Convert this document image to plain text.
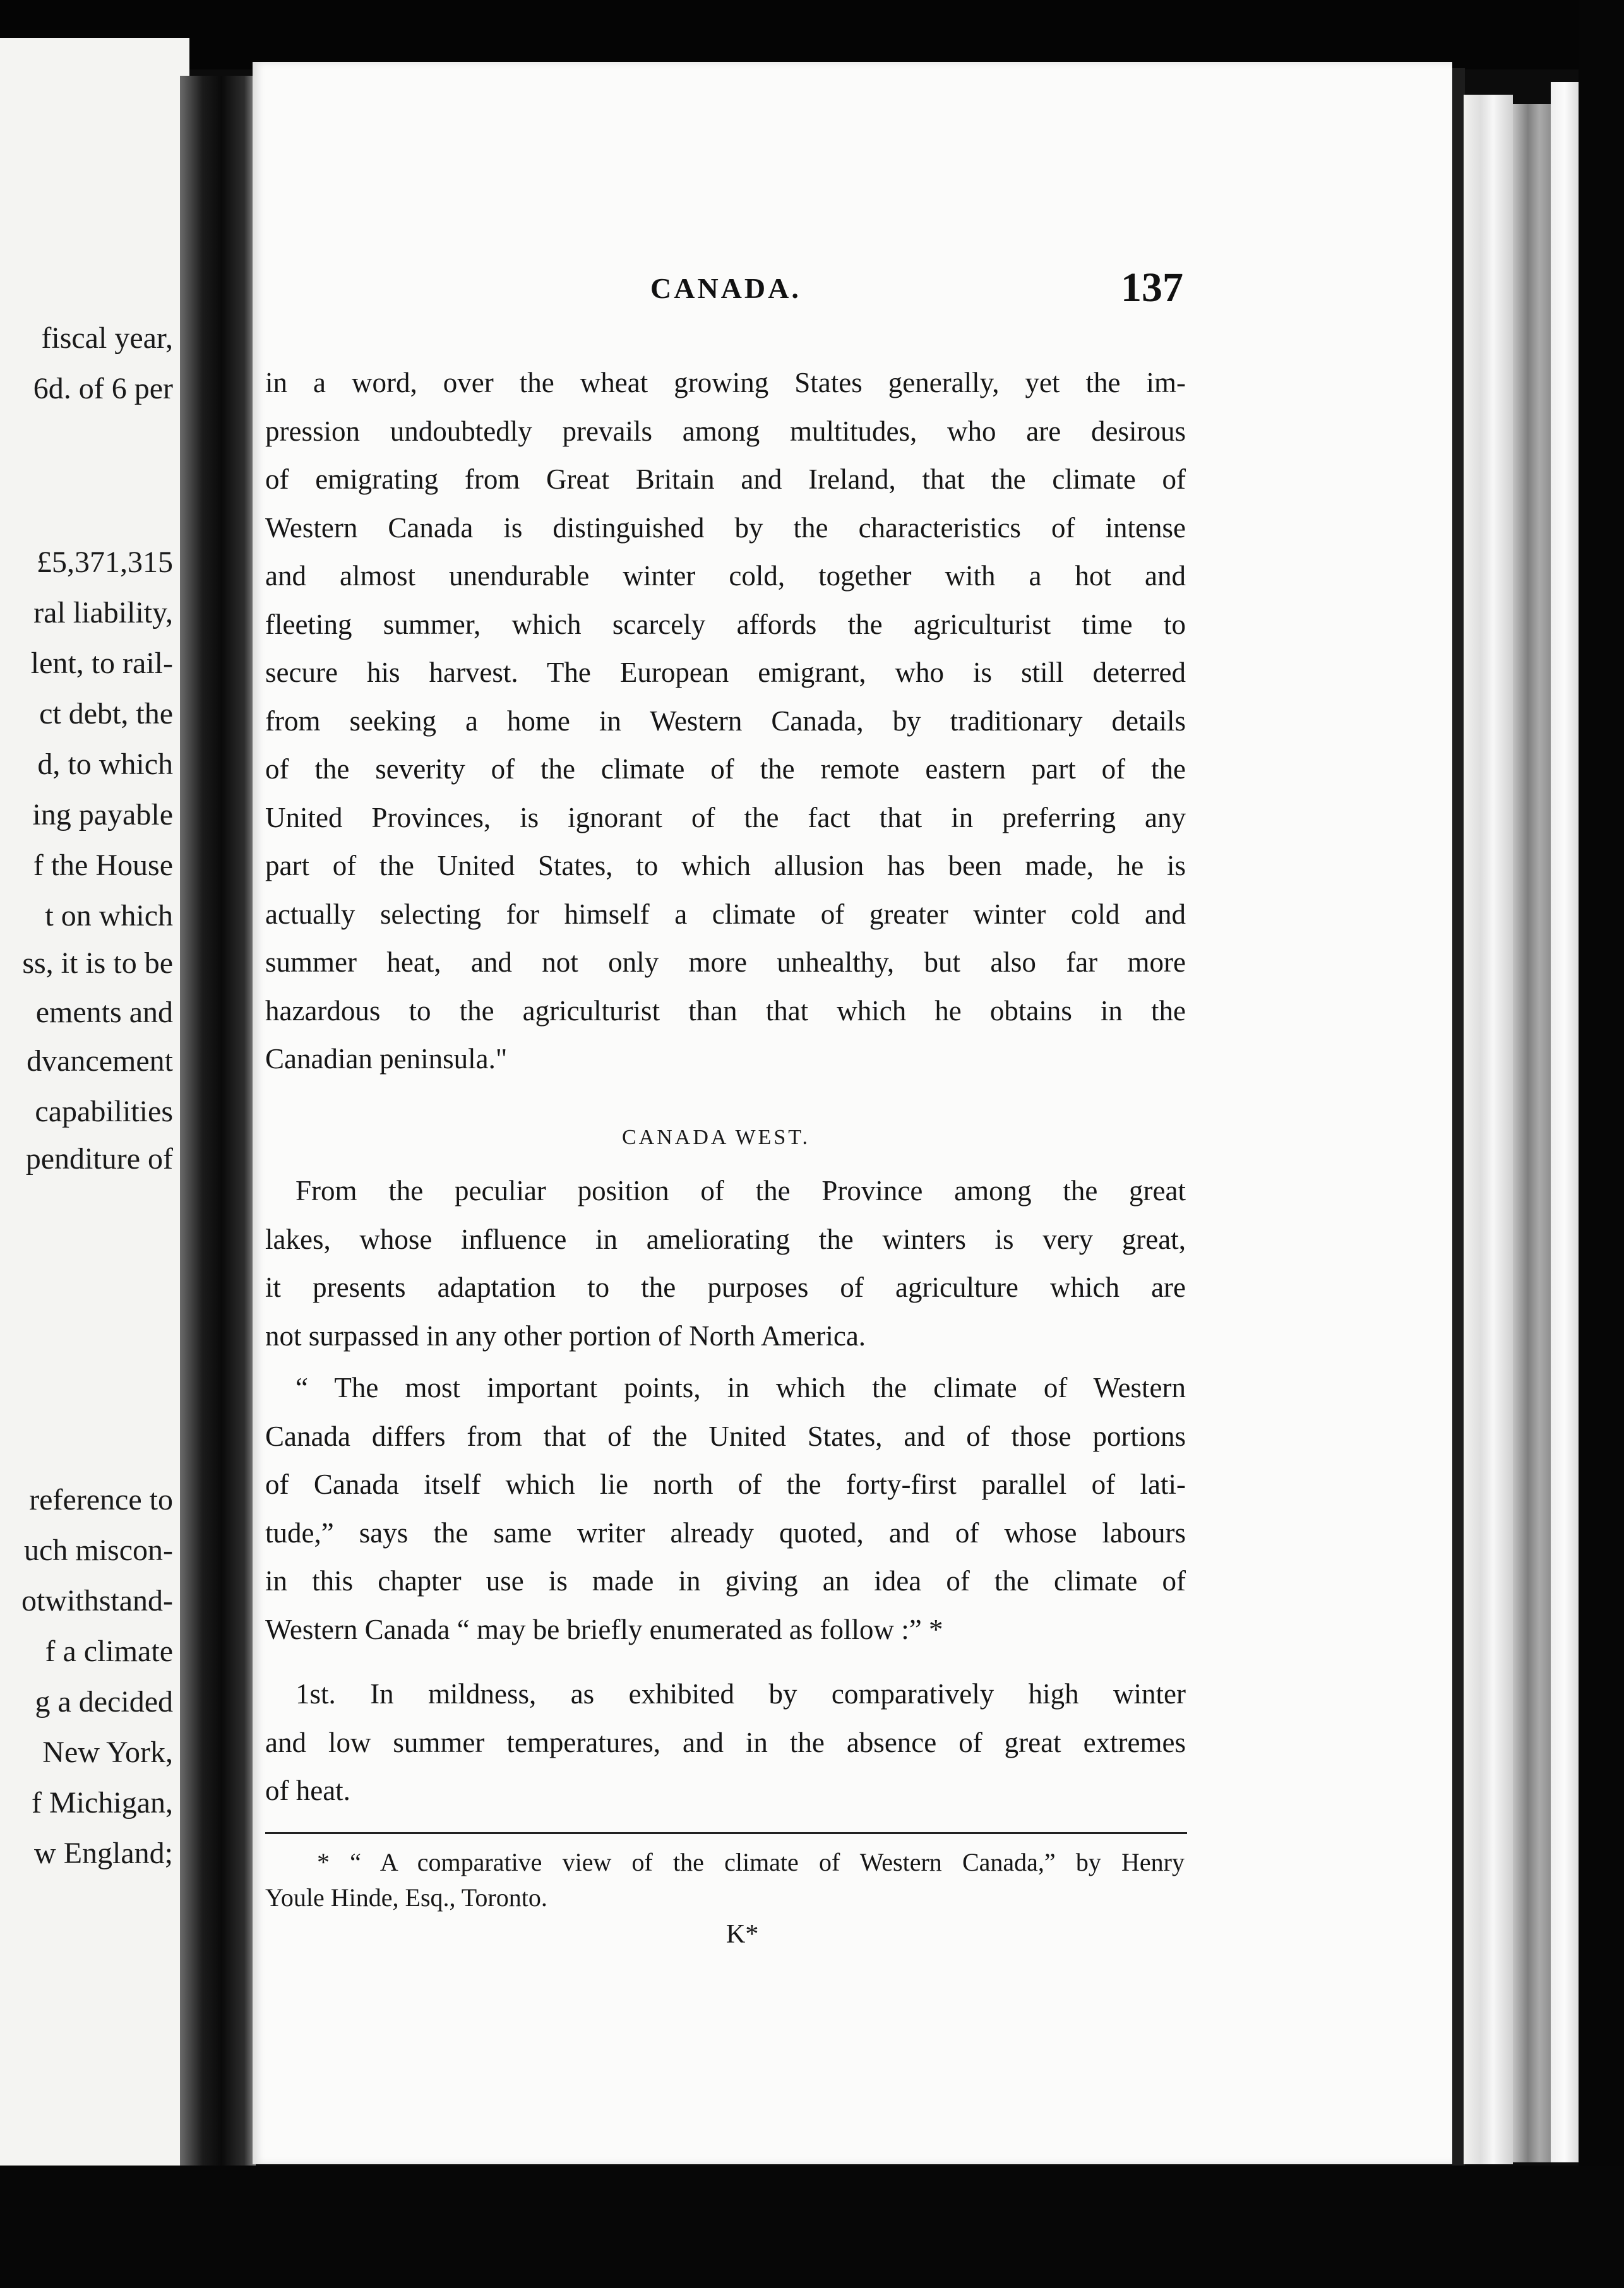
fiscal year,
6d. of 6 per
£5,371,315
ral liability,
lent, to rail-
ct debt, the
d, to which
ing payable
f the House
t on which
ss, it is to be
ements and
dvancement
capabilities
penditure of
reference to
uch miscon-
otwithstand-
f a climate
g a decided
New York,
f Michigan,
w England;
CANADA.	137
in a word, over the wheat growing States generally, yet the im-
pression undoubtedly prevails among multitudes, who are desirous
of emigrating from Great Britain and Ireland, that the climate of
Western Canada is distinguished by the characteristics of intense
and almost unendurable winter cold, together with a hot and
fleeting summer, which scarcely affords the agriculturist time to
secure his harvest. The European emigrant, who is still deterred
from seeking a home in Western Canada, by traditionary details
of the severity of the climate of the remote eastern part of the
United Provinces, is ignorant of the fact that in preferring any
part of the United States, to which allusion has been made, he is
actually selecting for himself a climate of greater winter cold and
summer heat, and not only more unhealthy, but also far more
hazardous to the agriculturist than that which he obtains in the
Canadian peninsula."
CANADA WEST.
From the peculiar position of the Province among the great
lakes, whose influence in ameliorating the winters is very great,
it presents adaptation to the purposes of agriculture which are
not surpassed in any other portion of North America.
“ The most important points, in which the climate of Western
Canada differs from that of the United States, and of those portions
of Canada itself which lie north of the forty-first parallel of lati-
tude,” says the same writer already quoted, and of whose labours
in this chapter use is made in giving an idea of the climate of
Western Canada “ may be briefly enumerated as follow :” *
1st. In mildness, as exhibited by comparatively high winter
and low summer temperatures, and in the absence of great extremes
of heat.
* “ A comparative view of the climate of Western Canada,” by Henry
Youle Hinde, Esq., Toronto.
K*
